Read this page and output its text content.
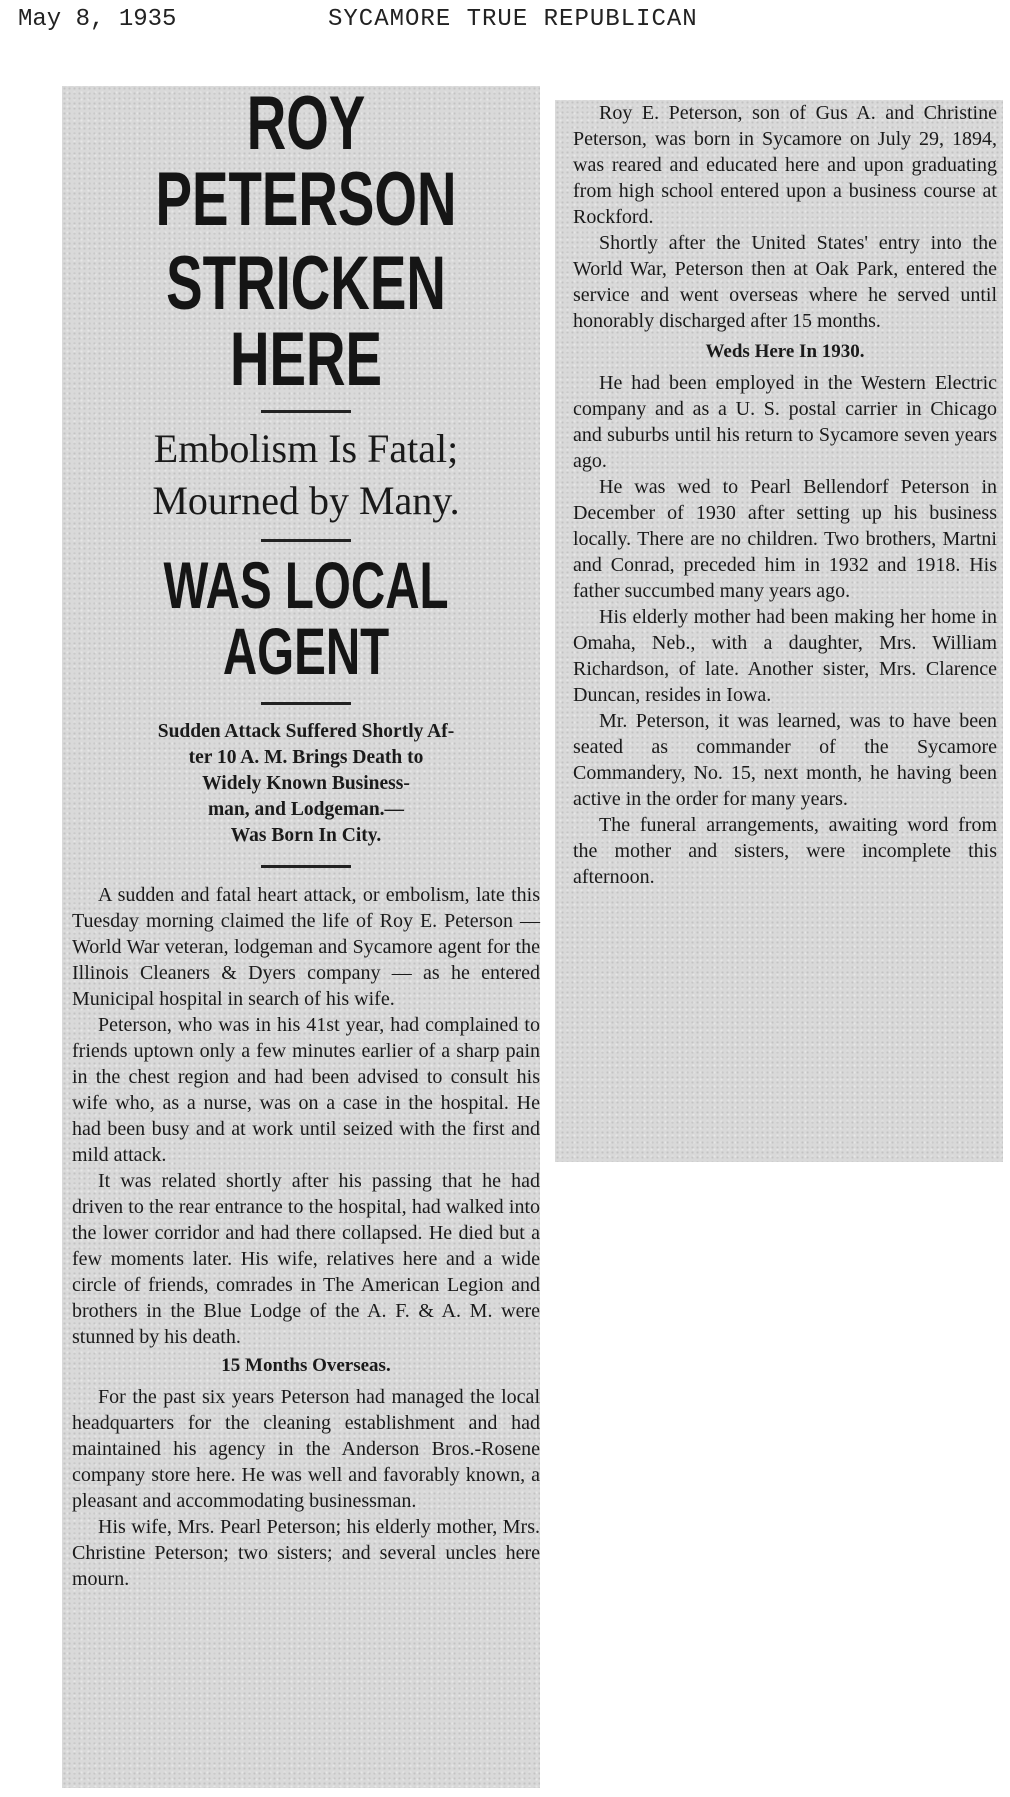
May 8, 1935

	SYCAMORE TRUE REPUBLICAN

ROY PETERSON

STRICKEN HERE

Embolism Is Fatal;

Mourned by Many.

WAS LOCAL AGENT

Sudden Attack Suffered Shortly Af-
ter 10 A. M. Brings Death to
Widely Known Business-
man, and Lodgeman.—
Was Born In City.

A sudden and fatal heart attack, or embolism, late this Tuesday morning claimed the life of Roy E. Peterson — World War veteran, lodgeman and Sycamore agent for the Illinois Cleaners & Dyers company — as he entered Municipal hospital in search of his wife.

Peterson, who was in his 41st year, had complained to friends uptown only a few minutes earlier of a sharp pain in the chest region and had been advised to consult his wife who, as a nurse, was on a case in the hospital. He had been busy and at work until seized with the first and mild attack.

It was related shortly after his passing that he had driven to the rear entrance to the hospital, had walked into the lower corridor and had there collapsed. He died but a few moments later. His wife, relatives here and a wide circle of friends, comrades in The American Legion and brothers in the Blue Lodge of the A. F. & A. M. were stunned by his death.

15 Months Overseas.

For the past six years Peterson had managed the local headquarters for the cleaning establishment and had maintained his agency in the Anderson Bros.-Rosene company store here. He was well and favorably known, a pleasant and accommodating businessman.

His wife, Mrs. Pearl Peterson; his elderly mother, Mrs. Christine Peterson; two sisters; and several uncles here mourn.

Roy E. Peterson, son of Gus A. and Christine Peterson, was born in Sycamore on July 29, 1894, was reared and educated here and upon graduating from high school entered upon a business course at Rockford.

Shortly after the United States' entry into the World War, Peterson then at Oak Park, entered the service and went overseas where he served until honorably discharged after 15 months.

Weds Here In 1930.

He had been employed in the Western Electric company and as a U. S. postal carrier in Chicago and suburbs until his return to Sycamore seven years ago.

He was wed to Pearl Bellendorf Peterson in December of 1930 after setting up his business locally. There are no children. Two brothers, Martni and Conrad, preceded him in 1932 and 1918. His father succumbed many years ago.

His elderly mother had been making her home in Omaha, Neb., with a daughter, Mrs. William Richardson, of late. Another sister, Mrs. Clarence Duncan, resides in Iowa.

Mr. Peterson, it was learned, was to have been seated as commander of the Sycamore Commandery, No. 15, next month, he having been active in the order for many years.

The funeral arrangements, awaiting word from the mother and sisters, were incomplete this afternoon.
